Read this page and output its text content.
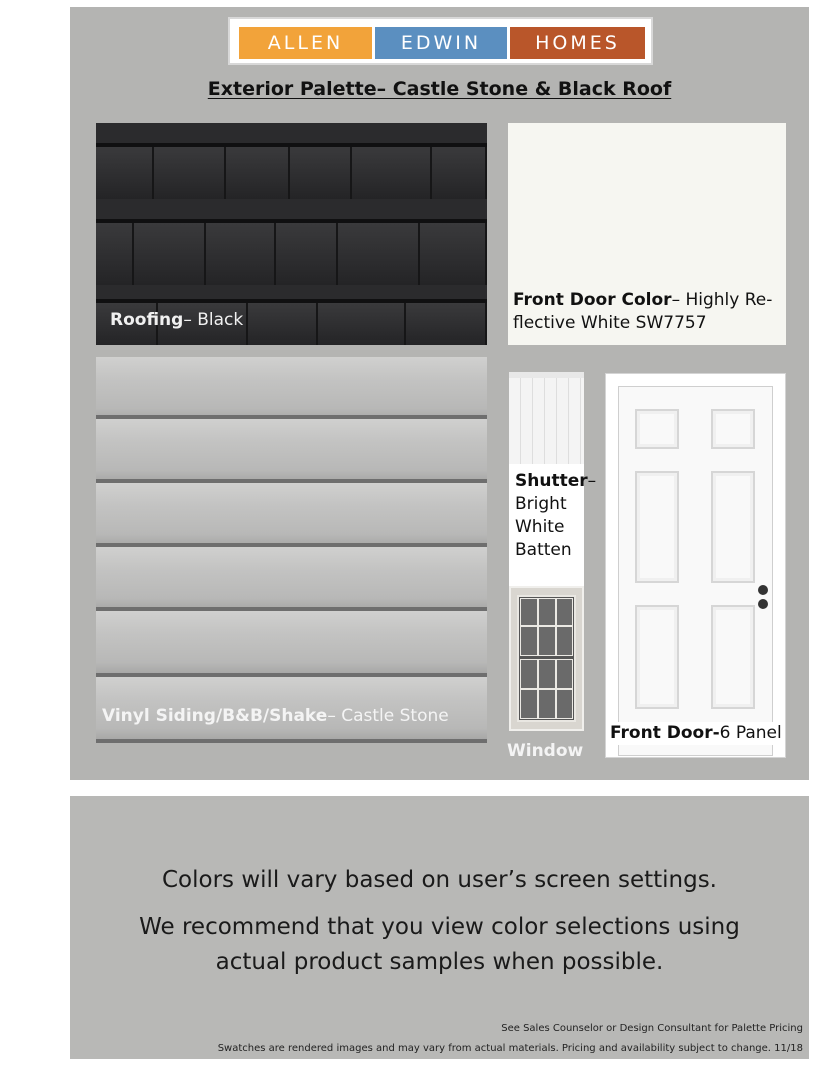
ALLEN	EDWIN	HOMES
Exterior Palette– Castle Stone & Black Roof
Roofing– Black
Front Door Color– Highly Re-
flective White SW7757
Vinyl Siding/B&B/Shake– Castle Stone
Shutter–
Bright
White
Batten
Window
Front Door-6 Panel
Colors will vary based on user’s screen settings.
We recommend that you view color selections using
actual product samples when possible.
See Sales Counselor or Design Consultant for Palette Pricing
Swatches are rendered images and may vary from actual materials. Pricing and availability subject to change. 11/18
